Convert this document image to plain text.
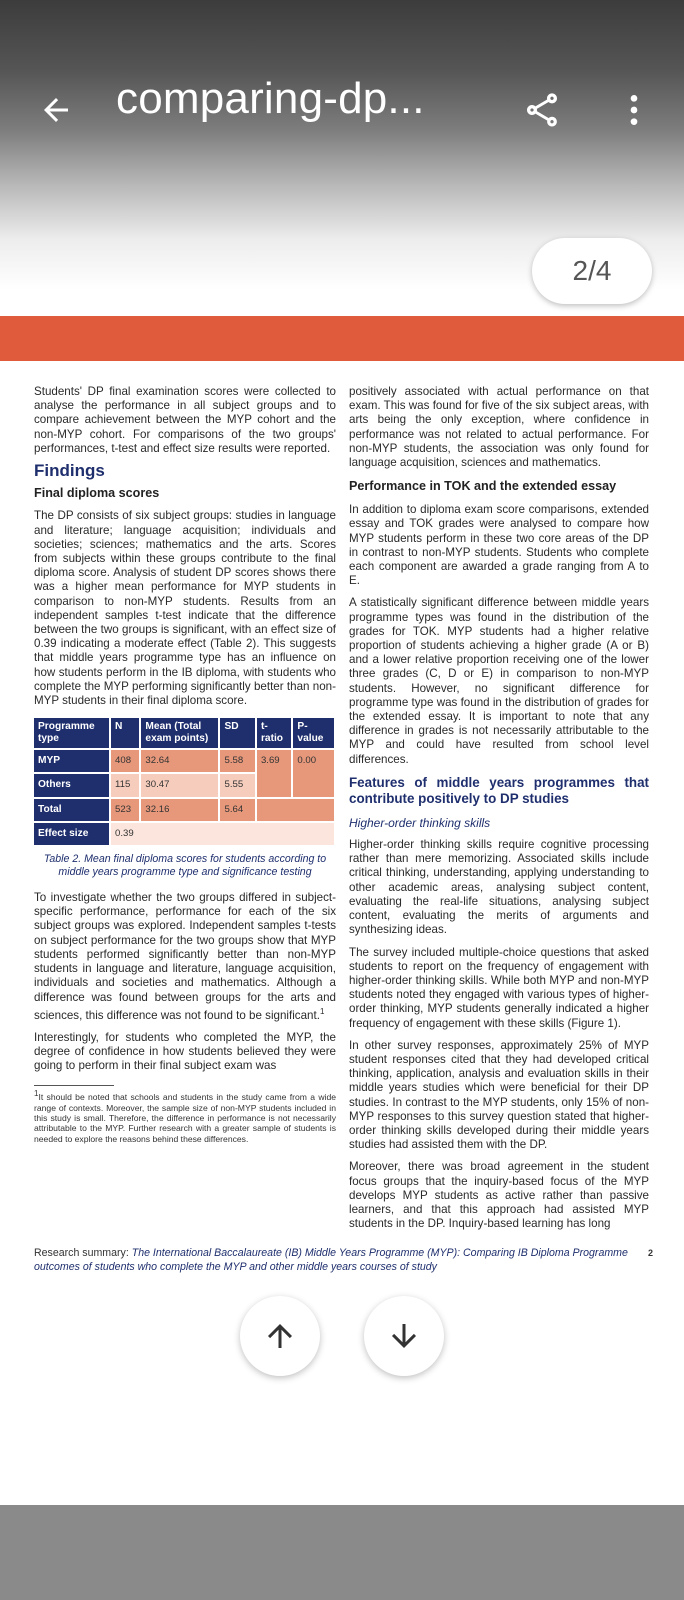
comparing-dp...
2/4

Students' DP final examination scores were collected to analyse the performance in all subject groups and to compare achievement between the MYP cohort and the non-MYP cohort. For comparisons of the two groups' performances, t-test and effect size results were reported.

Findings
Final diploma scores

The DP consists of six subject groups: studies in language and literature; language acquisition; individuals and societies; sciences; mathematics and the arts. Scores from subjects within these groups contribute to the final diploma score. Analysis of student DP scores shows there was a higher mean performance for MYP students in comparison to non-MYP students. Results from an independent samples t-test indicate that the difference between the two groups is significant, with an effect size of 0.39 indicating a moderate effect (Table 2). This suggests that middle years programme type has an influence on how students perform in the IB diploma, with students who complete the MYP performing significantly better than non-MYP students in their final diploma score.

Programme type	N	Mean (Total exam points)	SD	t-ratio	P-value
MYP	408	32.64	5.58	3.69	0.00
Others	115	30.47	5.55		
Total	523	32.16	5.64		
Effect size	0.39				
Table 2. Mean final diploma scores for students according to middle years programme type and significance testing

To investigate whether the two groups differed in subject-specific performance, performance for each of the six subject groups was explored. Independent samples t-tests on subject performance for the two groups show that MYP students performed significantly better than non-MYP students in language and literature, language acquisition, individuals and societies and mathematics. Although a difference was found between groups for the arts and sciences, this difference was not found to be significant.$^1$

Interestingly, for students who completed the MYP, the degree of confidence in how students believed they were going to perform in their final subject exam was

$^1$It should be noted that schools and students in the study came from a wide range of contexts. Moreover, the sample size of non-MYP students included in this study is small. Therefore, the difference in performance is not necessarily attributable to the MYP. Further research with a greater sample of students is needed to explore the reasons behind these differences.

positively associated with actual performance on that exam. This was found for five of the six subject areas, with arts being the only exception, where confidence in performance was not related to actual performance. For non-MYP students, the association was only found for language acquisition, sciences and mathematics.

Performance in TOK and the extended essay

In addition to diploma exam score comparisons, extended essay and TOK grades were analysed to compare how MYP students perform in these two core areas of the DP in contrast to non-MYP students. Students who complete each component are awarded a grade ranging from A to E.

A statistically significant difference between middle years programme types was found in the distribution of the grades for TOK. MYP students had a higher relative proportion of students achieving a higher grade (A or B) and a lower relative proportion receiving one of the lower three grades (C, D or E) in comparison to non-MYP students. However, no significant difference for programme type was found in the distribution of grades for the extended essay. It is important to note that any difference in grades is not necessarily attributable to the MYP and could have resulted from school level differences.

Features of middle years programmes that contribute positively to DP studies
Higher-order thinking skills

Higher-order thinking skills require cognitive processing rather than mere memorizing. Associated skills include critical thinking, understanding, applying understanding to other academic areas, analysing subject content, evaluating the real-life situations, analysing subject content, evaluating the merits of arguments and synthesizing ideas.

The survey included multiple-choice questions that asked students to report on the frequency of engagement with higher-order thinking skills. While both MYP and non-MYP students noted they engaged with various types of higher-order thinking, MYP students generally indicated a higher frequency of engagement with these skills (Figure 1).

In other survey responses, approximately 25% of MYP student responses cited that they had developed critical thinking, application, analysis and evaluation skills in their middle years studies which were beneficial for their DP studies. In contrast to the MYP students, only 15% of non-MYP responses to this survey question stated that higher-order thinking skills developed during their middle years studies had assisted them with the DP.

Moreover, there was broad agreement in the student focus groups that the inquiry-based focus of the MYP develops MYP students as active rather than passive learners, and that this approach had assisted MYP students in the DP. Inquiry-based learning has long

Research summary: The International Baccalaureate (IB) Middle Years Programme (MYP): Comparing IB Diploma Programme outcomes of students who complete the MYP and other middle years courses of study
2
